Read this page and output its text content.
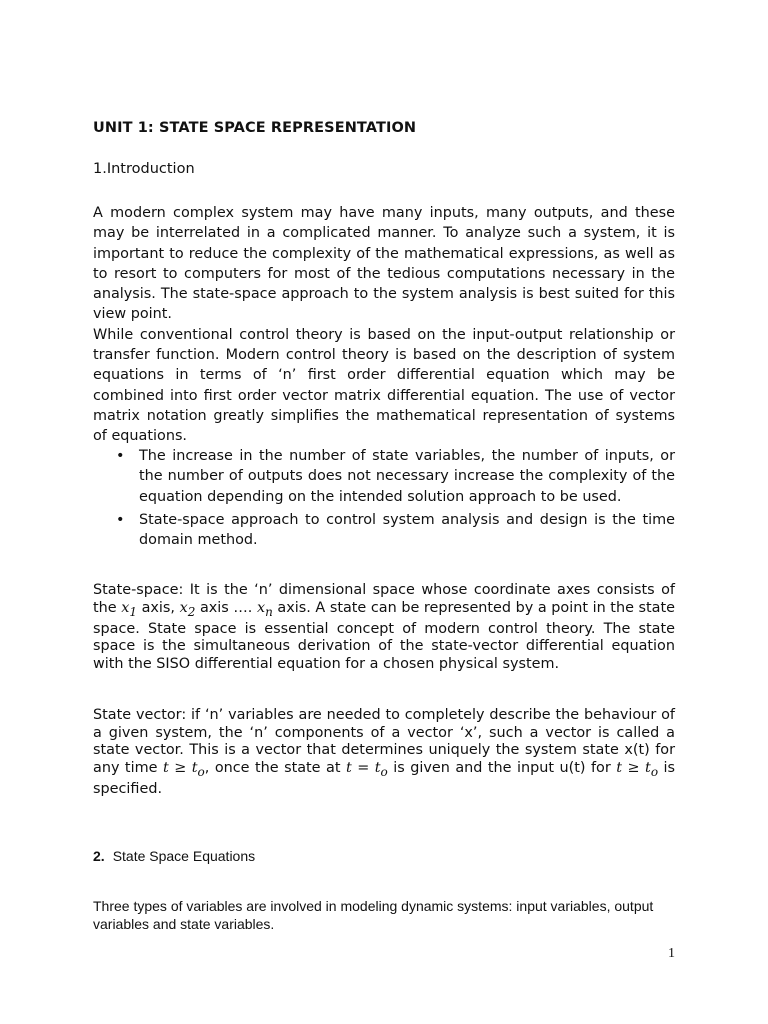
UNIT 1: STATE SPACE REPRESENTATION

1.Introduction

A modern complex system may have many inputs, many outputs, and these may be interrelated in a complicated manner. To analyze such a system, it is important to reduce the complexity of the mathematical expressions, as well as to resort to computers for most of the tedious computations necessary in the analysis. The state-space approach to the system analysis is best suited for this view point.
While conventional control theory is based on the input-output relationship or transfer function. Modern control theory is based on the description of system equations in terms of ‘n’ first order differential equation which may be combined into first order vector matrix differential equation. The use of vector matrix notation greatly simplifies the mathematical representation of systems of equations.
• The increase in the number of state variables, the number of inputs, or the number of outputs does not necessary increase the complexity of the equation depending on the intended solution approach to be used.
• State-space approach to control system analysis and design is the time domain method.

State-space: It is the ‘n’ dimensional space whose coordinate axes consists of the $x_1$ axis, $x_2$ axis …. $x_n$ axis. A state can be represented by a point in the state space. State space is essential concept of modern control theory. The state space is the simultaneous derivation of the state-vector differential equation with the SISO differential equation for a chosen physical system.

State vector: if ‘n’ variables are needed to completely describe the behaviour of a given system, the ‘n’ components of a vector ‘x’, such a vector is called a state vector. This is a vector that determines uniquely the system state x(t) for any time $t \ge t_o$, once the state at $t = t_o$ is given and the input u(t) for $t \ge t_o$ is specified.

2. State Space Equations

Three types of variables are involved in modeling dynamic systems: input variables, output variables and state variables.

1
